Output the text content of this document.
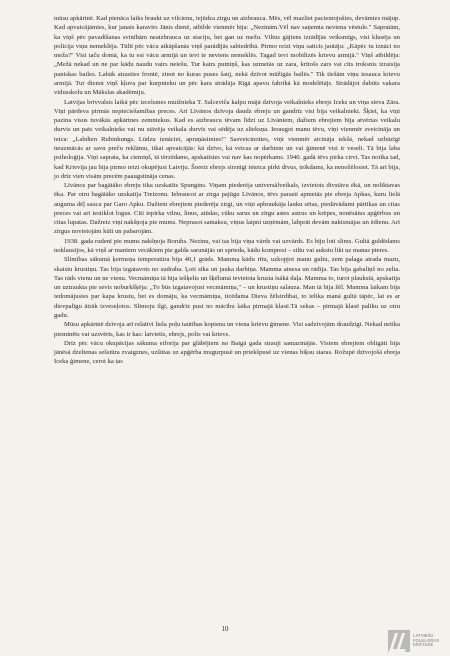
mūsu apkārtnē. Kad pienāca laiks braukt uz vilcienu, iejūdza zirgu un aizbrauca. Mēs, vēl mazliet paciemojušies, devāmies mājup. Kad apvaicājāmies, kur janais karavīrs Jānis dienē, atbilde vienmēr bija: „Nezinām.Vēl nav saņemta neviena vēstule." Sapratām, ka viņš pēc pavadīšanas svinībām neaizbrauca uz staciju, bet gan uz mežu. Viltus gājiens izrādījās veiksmīgs, visi klusēja un policija viņu nemeklēja. Tūlīt pēc vācu atkāpšanās viņš parādījās sabiedrībā. Pirmo reizi viņu saticis jautāju: „Kāpēc tu iznāci no meža?" Visi taču domā, ka tu esi vācu armijā un tevi te neviens nemeklēs. Tagad tevi mobilizēs krievu armijā." Viņš atbildēja: „Mežā nekad un ne par kādu naudu vairs neiešu. Tur katrs putniņš, kas uzmetās uz zara, krītošs zars vai cits troksnis izraisīja paniskas bailes. Labāk atrasties frontē, zinot no kuras puses šauj, nekā dzīvot mūžīgās bailēs." Tik tiešām viņu iesauca krievu armijā. Tur dienot viņš kļuva par kurpnieku un pēc kara strādāja Rīgā apavu fabrikā kā modelētājs. Strādājot dabūts vakara vidusskolu un Mākslas akadēmiju.

Latvijas brīvvalsts laikā pēc izcelsmes muižnieka T. Salceviča kalpu mājā dzīvoja veikalnieks ebrejs Iceks un viņa sieva Zāra. Viņi pārdeva pirmās nepieciešamības preces. Arī Līvānos dzīvoja daudz ebreju un gandrīz visi bija veikalnieki. Šķiet, ka viņi pazina visus tuvākās apkārtnes zemniekus. Kad es aizbraucu tēvam līdzi uz Līvāniem, dažiem ebrejiem bija atvērtas veikalu durvis un pats veikalnieks vai nu stāvēja veikala durvīs vai sēdēja uz slieksņa. Ieraugot manu tēvu, viņi vienmēr sveicināja un teica: „Labdien Rubinkungs. Lūdzu ienāciet, apruņāsimies!" Sasveicinoties, viņi vienmēr aicināja iekšā, nekad uzbāzīgi neuzmācās ar savu preču reklāmu, tikai apvaicājās: kā dzīvo, kā veicas ar darbiem un vai ģimenē visi ir veseli. Tā bija laba psiholoģija. Viņi saprata, ka ciemiņš, tā tērzēdams, apskatīsies vai nav kas nopērkams. 1940. gadā tēvs pirka cirvi. Tas notika tad, kad Krievija jau bija pirmo reizi okupējusi Latviju. Šoreiz ebrejs sirsnīgi ieteica pirkt divus, teikdams, ka nenožēlosiet. Tā arī bija, jo drīz vien visām precēm paaugstināja cenas.

Līvānos par bagātāko ebreju tika uzskatīts Spungins. Viņam piederēja universālveikals, izvietots divstāvu ēkā, un noliktavas ēka. Par otru bagātāko uzskatīja Treizonu. Iebraucot ar zirga pajūgu Līvānos, tēvs parasti apmetās pie ebreja Apkas, kuru lielā auguma dēļ sauca par Garo Apku. Dažiem ebrejiem piederēja zirgi, un viņi apbraukāja lauku sētas, piedāvādami pārtikas un citas preces vai arī iestiklot logus. Citi iepirka vilnu, linus, atūdas, cūku sarus un zirgu astes astrus un krēpes, nonēsātus apģērbus un citas lupatas. Dažreiz viņi nakšņoja pie mums. Neprasot samaksu, viņus laipni uzņēmām, labprāt devām naktsmājas un ēdienu. Arī zirgus novietojām kūtī un pabarojām.

1938. gada rudenī pie mums nakšņoja Boruhs. Nezinu, vai tas bija viņa vārds vai uzvārds. Es biju loti slims. Gultā guldēdams noklausījos, kā viņš ar maniem vecākiem pie galda sarunājās un sprieda, kādu kompresi – siltu vai aukstu likt uz manas pieres.

Slimības sākumā ķermeņa temperatūra bija 40,1 grāds. Mamma kādu rītu, uzkopjot manu gultu, zem palaga atrada mazu, skaistu krustiņu. Tas bija izgatavots no sudraba. Ļoti sīka un jauka darbiņa. Mamma atnesa un rādīja. Tas bija gabaliņš no zelta. Tas rāds vienu un ne vienu. Vecmāmiņa tā bija iešķelts un šķēlumā ievietota krusta īsākā daļa. Mamma to, turot plaukstā, apskatīja un uztraukta pie sevis noburkšķēja: „To būs izgatavojusi vecmāmiņa," – un krustiņu salauza. Man tā bija žēl. Mamma laikam bija iedomājusies par kapa krustu, bet es domāju, ka vecmāmiņa, ticēdama Dieva žēlsirdībai, to ielika manā gultā tāpēc, lai es ar dievpalīgu ātrāk izveseļotos. Slimoju ilgi, gandrīz pusi no mācību laika pirmajā klasē.Tā sekas – pirmajā klasē palīku uz otru gadu.

Mūsu apkārtnē dzīvoja arī relatīvi liela poļu tautības kopiena un viena krievu ģimene. Visi sadzīvojām draudzīgi. Nekad netika pieminēts vai uzsvērts, kas ir kas: latvietis, ebrejs, polis vai krievs.

Drīz pēc vācu okupācijas sākuma eiforija par glābējiem no Baigā gada strauji samazinājās. Visiem ebrejiem obligāti bija jānēsā dzeltenas sešstūra zvaigznes, uzšūtas uz apģērba mugurpusē un priekšpusē uz vienas biķsu staras. Rožupē dzīvojošā ebreja Iceka ģimene, cerot ka tas

10
LATVIEŠU
FOLKLORAS
KRĀTUVE
